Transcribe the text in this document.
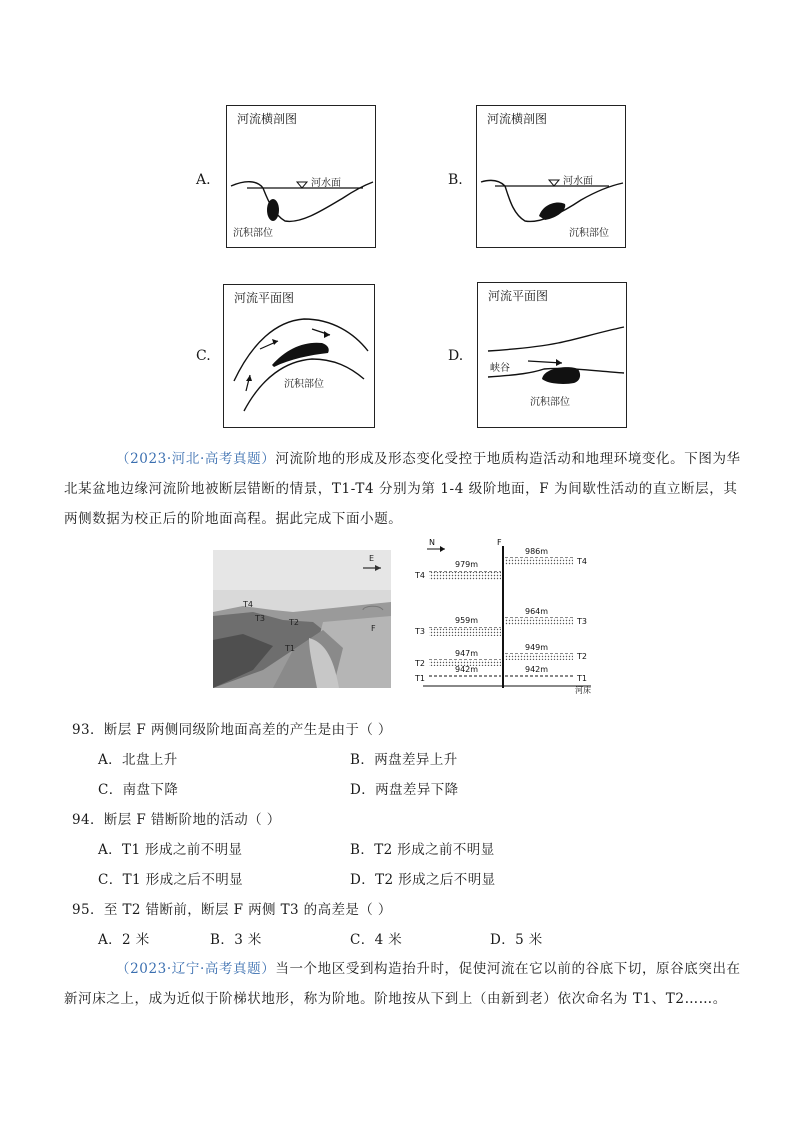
A.
河流横剖图
河水面
沉积部位
B.
河流横剖图
河水面
沉积部位
C.
河流平面图
沉积部位
D.
河流平面图
峡谷
沉积部位
（2023·河北·高考真题）河流阶地的形成及形态变化受控于地质构造活动和地理环境变化。下图为华
北某盆地边缘河流阶地被断层错断的情景，T1-T4 分别为第 1-4 级阶地面，F 为间歇性活动的直立断层，其
两侧数据为校正后的阶地面高程。据此完成下面小题。
E
F
T4
T3	T2
T1
N	F
河床
T4
979m
T3
959m
T2
947m
T1
942m
T4
986m
T3
964m
T2
949m
T1
942m
93．断层 F 两侧同级阶地面高差的产生是由于（ ）
A．北盘上升	B．两盘差异上升
C．南盘下降	D．两盘差异下降
94．断层 F 错断阶地的活动（ ）
A．T1 形成之前不明显	B．T2 形成之前不明显
C．T1 形成之后不明显	D．T2 形成之后不明显
95．至 T2 错断前，断层 F 两侧 T3 的高差是（ ）
A．2 米	B．3 米	C．4 米	D．5 米
（2023·辽宁·高考真题）当一个地区受到构造抬升时，促使河流在它以前的谷底下切，原谷底突出在
新河床之上，成为近似于阶梯状地形，称为阶地。阶地按从下到上（由新到老）依次命名为 T1、T2……。
